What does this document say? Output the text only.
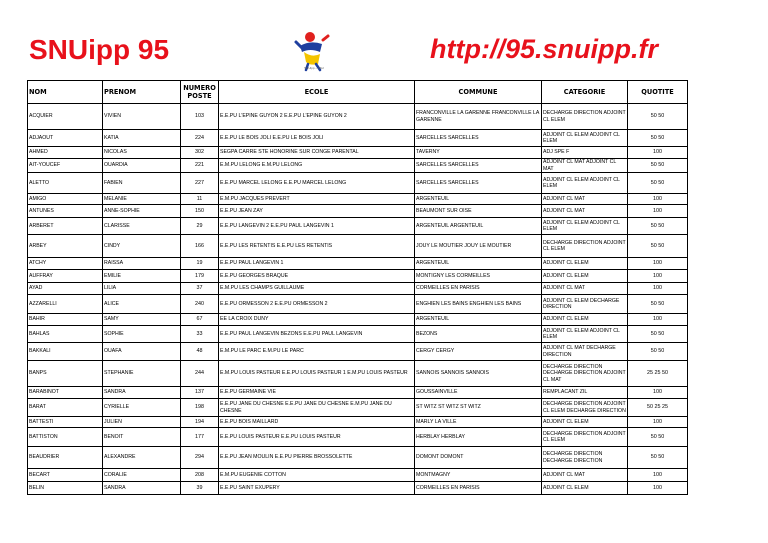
SNUipp 95	http://95.snuipp.fr
SNUipp – FSU
NOM	PRENOM	NUMERO POSTE	ECOLE	COMMUNE	CATEGORIE	QUOTITE
ACQUIER	VIVIEN	103	E.E.PU L'EPINE GUYON 2 E.E.PU L'EPINE GUYON 2	FRANCONVILLE LA GARENNE FRANCONVILLE LA GARENNE	DECHARGE DIRECTION ADJOINT CL ELEM	50 50
ADJAOUT	KATIA	224	E.E.PU LE BOIS JOLI E.E.PU LE BOIS JOLI	SARCELLES SARCELLES	ADJOINT CL ELEM ADJOINT CL ELEM	50 50
AHMED	NICOLAS	302	SEGPA CARRE STE HONORINE SUR CONGE PARENTAL	TAVERNY	ADJ SPE F	100
AIT-YOUCEF	OUARDIA	221	E.M.PU LELONG E.M.PU LELONG	SARCELLES SARCELLES	ADJOINT CL MAT ADJOINT CL MAT	50 50
ALETTO	FABIEN	227	E.E.PU MARCEL LELONG E.E.PU MARCEL LELONG	SARCELLES SARCELLES	ADJOINT CL ELEM ADJOINT CL ELEM	50 50
AMIGO	MELANIE	11	E.M.PU JACQUES PREVERT	ARGENTEUIL	ADJOINT CL MAT	100
ANTUNES	ANNE-SOPHIE	150	E.E.PU JEAN ZAY	BEAUMONT SUR OISE	ADJOINT CL MAT	100
ARBERET	CLARISSE	29	E.E.PU LANGEVIN 2 E.E.PU PAUL LANGEVIN 1	ARGENTEUIL ARGENTEUIL	ADJOINT CL ELEM ADJOINT CL ELEM	50 50
ARBEY	CINDY	166	E.E.PU LES RETENTIS E.E.PU LES RETENTIS	JOUY LE MOUTIER JOUY LE MOUTIER	DECHARGE DIRECTION ADJOINT CL ELEM	50 50
ATCHY	RAISSA	19	E.E.PU PAUL LANGEVIN 1	ARGENTEUIL	ADJOINT CL ELEM	100
AUFFRAY	EMILIE	179	E.E.PU GEORGES BRAQUE	MONTIGNY LES CORMEILLES	ADJOINT CL ELEM	100
AYAD	LILIA	37	E.M.PU LES CHAMPS GUILLAUME	CORMEILLES EN PARISIS	ADJOINT CL MAT	100
AZZARELLI	ALICE	240	E.E.PU ORMESSON 2 E.E.PU ORMESSON 2	ENGHIEN LES BAINS ENGHIEN LES BAINS	ADJOINT CL ELEM DECHARGE DIRECTION	50 50
BAHIR	SAMY	67	EE LA CROIX DUNY	ARGENTEUIL	ADJOINT CL ELEM	100
BAHLAS	SOPHIE	33	E.E.PU PAUL LANGEVIN BEZONS E.E.PU PAUL LANGEVIN	BEZONS	ADJOINT CL ELEM ADJOINT CL ELEM	50 50
BAKKALI	OUAFA	48	E.M.PU LE PARC E.M.PU LE PARC	CERGY CERGY	ADJOINT CL MAT DECHARGE DIRECTION	50 50
BANPS	STEPHANIE	244	E.M.PU LOUIS PASTEUR E.E.PU LOUIS PASTEUR 1 E.M.PU LOUIS PASTEUR	SANNOIS SANNOIS SANNOIS	DECHARGE DIRECTION DECHARGE DIRECTION ADJOINT CL MAT	25 25 50
BARABINOT	SANDRA	137	E.E.PU GERMAINE VIE	GOUSSAINVILLE	REMPLACANT ZIL	100
BARAT	CYRIELLE	198	E.E.PU JANE DU CHESNE E.E.PU JANE DU CHESNE E.M.PU JANE DU CHESNE	ST WITZ ST WITZ ST WITZ	DECHARGE DIRECTION ADJOINT CL ELEM DECHARGE DIRECTION	50 25 25
BATTESTI	JULIEN	194	E.E.PU BOIS MAILLARD	MARLY LA VILLE	ADJOINT CL ELEM	100
BATTISTON	BENOIT	177	E.E.PU LOUIS PASTEUR E.E.PU LOUIS PASTEUR	HERBLAY HERBLAY	DECHARGE DIRECTION ADJOINT CL ELEM	50 50
BEAUDRIER	ALEXANDRE	294	E.E.PU JEAN MOULIN E.E.PU PIERRE BROSSOLETTE	DOMONT DOMONT	DECHARGE DIRECTION DECHARGE DIRECTION	50 50
BECART	CORALIE	208	E.M.PU EUGENIE COTTON	MONTMAGNY	ADJOINT CL MAT	100
BELIN	SANDRA	39	E.E.PU SAINT EXUPERY	CORMEILLES EN PARISIS	ADJOINT CL ELEM	100
